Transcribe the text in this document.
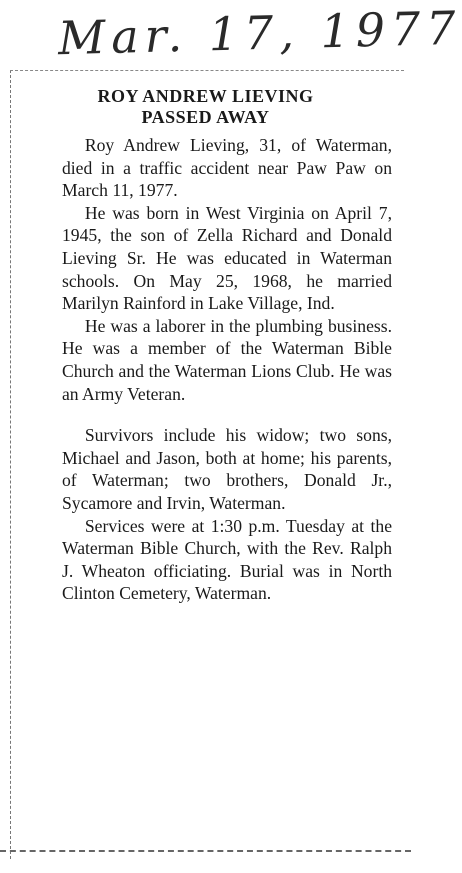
Mar. 17, 1977
ROY ANDREW LIEVING
PASSED AWAY

Roy Andrew Lieving, 31, of Waterman, died in a traffic accident near Paw Paw on March 11, 1977.

He was born in West Virginia on April 7, 1945, the son of Zella Richard and Donald Lieving Sr. He was educated in Waterman schools. On May 25, 1968, he married Marilyn Rainford in Lake Village, Ind.

He was a laborer in the plumbing business. He was a member of the Waterman Bible Church and the Waterman Lions Club. He was an Army Veteran.

Survivors include his widow; two sons, Michael and Jason, both at home; his parents, of Waterman; two brothers, Donald Jr., Sycamore and Irvin, Waterman.

Services were at 1:30 p.m. Tuesday at the Waterman Bible Church, with the Rev. Ralph J. Wheaton officiating. Burial was in North Clinton Cemetery, Waterman.
